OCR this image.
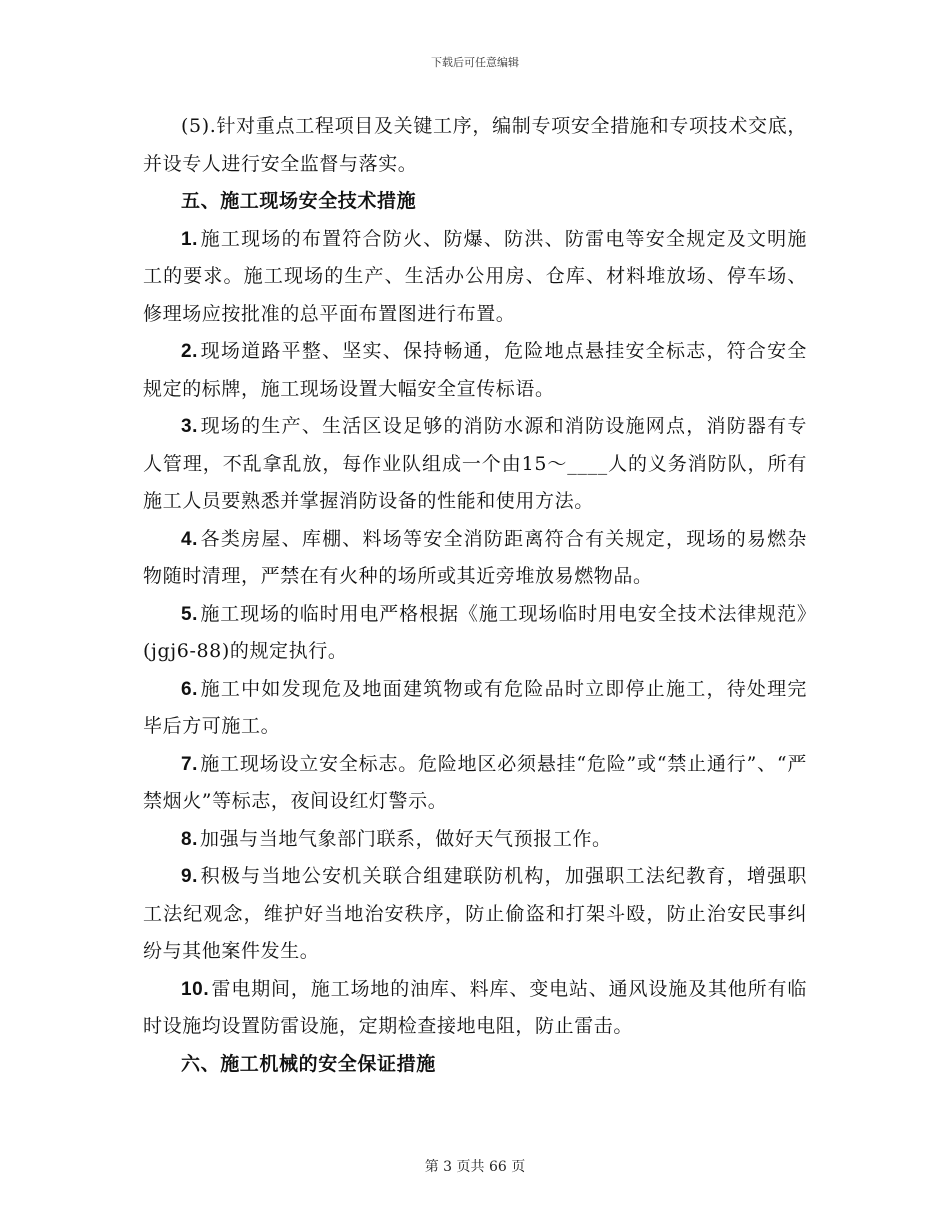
下载后可任意编辑

(5).针对重点工程项目及关键工序，编制专项安全措施和专项技术交底，并设专人进行安全监督与落实。

五、施工现场安全技术措施

1. 施工现场的布置符合防火、防爆、防洪、防雷电等安全规定及文明施工的要求。施工现场的生产、生活办公用房、仓库、材料堆放场、停车场、修理场应按批准的总平面布置图进行布置。

2. 现场道路平整、坚实、保持畅通，危险地点悬挂安全标志，符合安全规定的标牌，施工现场设置大幅安全宣传标语。

3. 现场的生产、生活区设足够的消防水源和消防设施网点，消防器有专人管理，不乱拿乱放，每作业队组成一个由15～____人的义务消防队，所有施工人员要熟悉并掌握消防设备的性能和使用方法。

4. 各类房屋、库棚、料场等安全消防距离符合有关规定，现场的易燃杂物随时清理，严禁在有火种的场所或其近旁堆放易燃物品。

5. 施工现场的临时用电严格根据《施工现场临时用电安全技术法律规范》(jgj6-88)的规定执行。

6. 施工中如发现危及地面建筑物或有危险品时立即停止施工，待处理完毕后方可施工。

7. 施工现场设立安全标志。危险地区必须悬挂“危险”或“禁止通行”、“严禁烟火”等标志，夜间设红灯警示。

8. 加强与当地气象部门联系，做好天气预报工作。

9. 积极与当地公安机关联合组建联防机构，加强职工法纪教育，增强职工法纪观念，维护好当地治安秩序，防止偷盗和打架斗殴，防止治安民事纠纷与其他案件发生。

10. 雷电期间，施工场地的油库、料库、变电站、通风设施及其他所有临时设施均设置防雷设施，定期检查接地电阻，防止雷击。

六、施工机械的安全保证措施

第 3 页共 66 页
